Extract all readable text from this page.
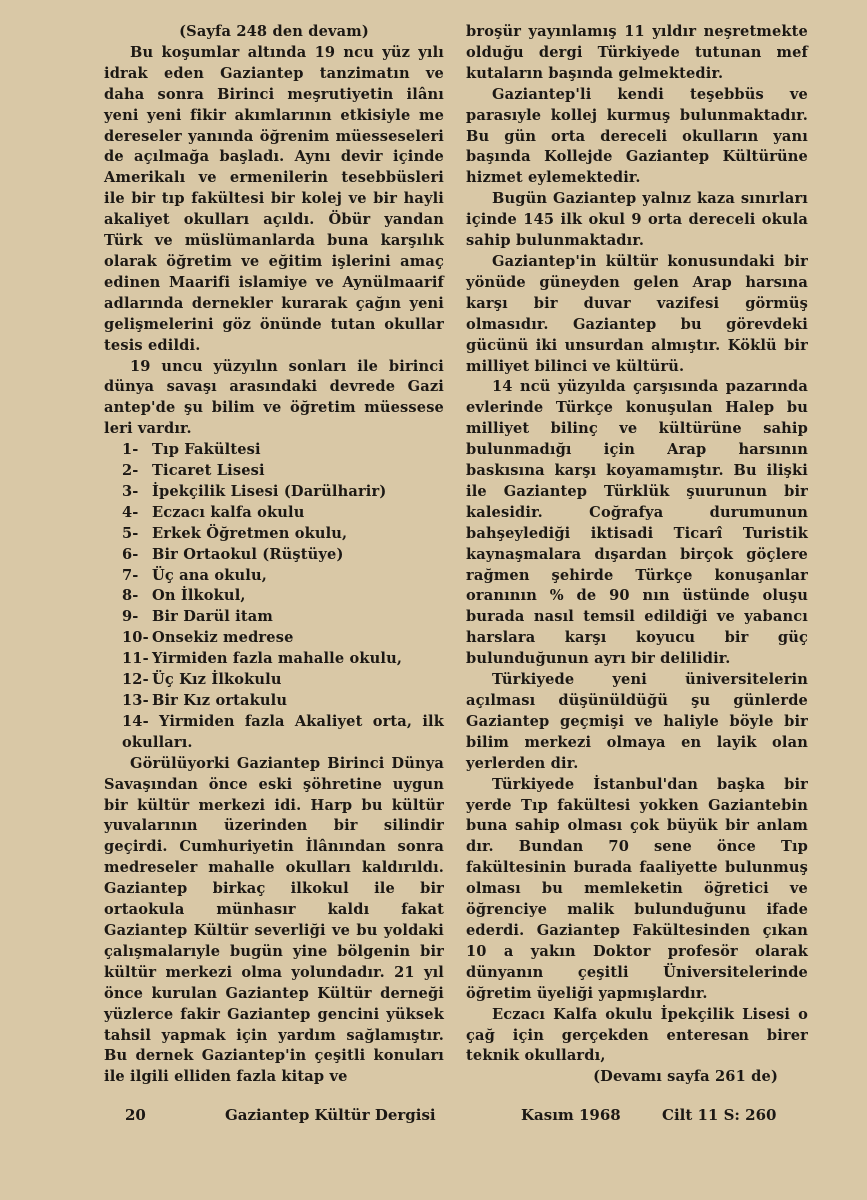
(Sayfa 248 den devam)

Bu koşumlar altında 19 ncu yüz yılı idrak eden Gaziantep tanzimatın ve daha sonra Birinci meşrutiyetin ilânı yeni yeni fikir akımlarının etkisiyle me dereseler yanında öğrenim müesseseleri de açılmağa başladı. Aynı devir içinde Amerikalı ve ermenilerin tesebbüsleri ile bir tıp fakültesi bir kolej ve bir hayli akaliyet okulları açıldı. Öbür yandan Türk ve müslümanlarda buna karşılık olarak öğretim ve eğitim işlerini amaç edinen Maarifi islamiye ve Aynülmaarif adlarında dernekler kurarak çağın yeni gelişmelerini göz önünde tutan okullar tesis edildi.

19 uncu yüzyılın sonları ile birinci dünya savaşı arasındaki devrede Gazi antep'de şu bilim ve öğretim müessese leri vardır.

1- Tıp Fakültesi
2- Ticaret Lisesi
3- İpekçilik Lisesi (Darülharir)
4- Eczacı kalfa okulu
5- Erkek Öğretmen okulu,
6- Bir Ortaokul (Rüştüye)
7- Üç ana okulu,
8- On İlkokul,
9- Bir Darül itam
10- Onsekiz medrese
11- Yirmiden fazla mahalle okulu,
12- Üç Kız İlkokulu
13- Bir Kız ortakulu

14- Yirmiden fazla Akaliyet orta, ilk okulları.

Görülüyorki Gaziantep Birinci Dünya Savaşından önce eski şöhretine uygun bir kültür merkezi idi. Harp bu kültür yuvalarının üzerinden bir silindir geçirdi. Cumhuriyetin İlânından sonra medreseler mahalle okulları kaldırıldı. Gaziantep birkaç ilkokul ile bir ortaokula münhasır kaldı fakat Gaziantep Kültür severliği ve bu yoldaki çalışmalarıyle bugün yine bölgenin bir kültür merkezi olma yolundadır. 21 yıl önce kurulan Gaziantep Kültür derneği yüzlerce fakir Gaziantep gencini yüksek tahsil yapmak için yardım sağlamıştır. Bu dernek Gaziantep'in çeşitli konuları ile ilgili elliden fazla kitap ve

broşür yayınlamış 11 yıldır neşretmekte olduğu dergi Türkiyede tutunan mef kutaların başında gelmektedir.

Gaziantep'li kendi teşebbüs ve parasıyle kollej kurmuş bulunmaktadır. Bu gün orta dereceli okulların yanı başında Kollejde Gaziantep Kültürüne hizmet eylemektedir.

Bugün Gaziantep yalnız kaza sınırları içinde 145 ilk okul 9 orta dereceli okula sahip bulunmaktadır.

Gaziantep'in kültür konusundaki bir yönüde güneyden gelen Arap harsına karşı bir duvar vazifesi görmüş olmasıdır. Gaziantep bu görevdeki gücünü iki unsurdan almıştır. Köklü bir milliyet bilinci ve kültürü.

14 ncü yüzyılda çarşısında pazarında evlerinde Türkçe konuşulan Halep bu milliyet bilinç ve kültürüne sahip bulunmadığı için Arap harsının baskısına karşı koyamamıştır. Bu ilişki ile Gaziantep Türklük şuurunun bir kalesidir. Coğrafya durumunun bahşeylediği iktisadi Ticarî Turistik kaynaşmalara dışardan birçok göçlere rağmen şehirde Türkçe konuşanlar oranının % de 90 nın üstünde oluşu burada nasıl temsil edildiği ve yabancı harslara karşı koyucu bir güç bulunduğunun ayrı bir delilidir.

Türkiyede yeni üniversitelerin açılması düşünüldüğü şu günlerde Gaziantep geçmişi ve haliyle böyle bir bilim merkezi olmaya en layik olan yerlerden dir.

Türkiyede İstanbul'dan başka bir yerde Tıp fakültesi yokken Gaziantebin buna sahip olması çok büyük bir anlam dır. Bundan 70 sene önce Tıp fakültesinin burada faaliyette bulunmuş olması bu memleketin öğretici ve öğrenciye malik bulunduğunu ifade ederdi. Gaziantep Fakültesinden çıkan 10 a yakın Doktor profesör olarak dünyanın çeşitli Üniversitelerinde öğretim üyeliği yapmışlardır.

Eczacı Kalfa okulu İpekçilik Lisesi o çağ için gerçekden enteresan birer teknik okullardı,

(Devamı sayfa 261 de)

20	Gaziantep Kültür Dergisi	Kasım 1968	Cilt 11 S: 260
